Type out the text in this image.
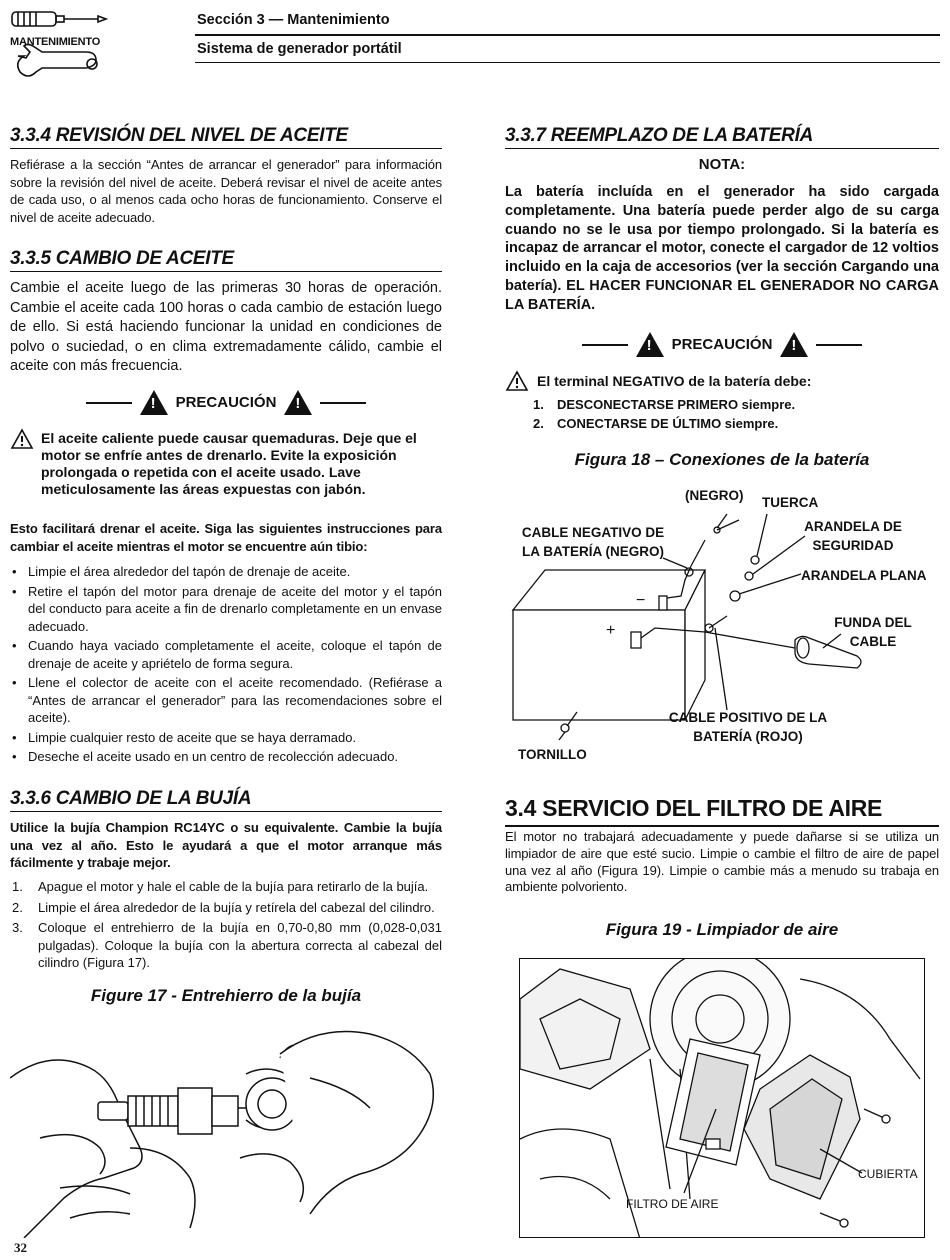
MANTENIMIENTO
Sección 3 — Mantenimiento
Sistema de generador portátil
3.3.4 REVISIÓN DEL NIVEL DE ACEITE
Refiérase a la sección “Antes de arrancar el generador” para información sobre la revisión del nivel de aceite. Deberá revisar el nivel de aceite antes de cada uso, o al menos cada ocho horas de funcionamiento. Conserve el nivel de aceite adecuado.
3.3.5 CAMBIO DE ACEITE
Cambie el aceite luego de las primeras 30 horas de operación. Cambie el aceite cada 100 horas o cada cambio de estación luego de ello. Si está haciendo funcionar la unidad en condiciones de polvo o suciedad, o en clima extremadamente cálido, cambie el aceite con más frecuencia.
!
PRECAUCIÓN
!
El aceite caliente puede causar quemaduras. Deje que el motor se enfríe antes de drenarlo. Evite la exposición prolongada o repetida con el aceite usado. Lave meticulosamente las áreas expuestas con jabón.
Esto facilitará drenar el aceite. Siga las siguientes instrucciones para cambiar el aceite mientras el motor se encuentre aún tibio:
• Limpie el área alrededor del tapón de drenaje de aceite.
• Retire el tapón del motor para drenaje de aceite del motor y el tapón del conducto para aceite a fin de drenarlo completamente en un envase adecuado.
• Cuando haya vaciado completamente el aceite, coloque el tapón de drenaje de aceite y apriételo de forma segura.
• Llene el colector de aceite con el aceite recomendado. (Refiérase a “Antes de arrancar el generador” para las recomendaciones sobre el aceite).
• Limpie cualquier resto de aceite que se haya derramado.
• Deseche el aceite usado en un centro de recolección adecuado.
3.3.6 CAMBIO DE LA BUJÍA
Utilice la bujía Champion RC14YC o su equivalente. Cambie la bujía una vez al año. Esto le ayudará a que el motor arranque más fácilmente y trabaje mejor.
1. Apague el motor y hale el cable de la bujía para retirarlo de la bujía.
2. Limpie el área alrededor de la bujía y retírela del cabezal del cilindro.
3. Coloque el entrehierro de la bujía en 0,70-0,80 mm (0,028-0,031 pulgadas). Coloque la bujía con la abertura correcta al cabezal del cilindro (Figura 17).
Figure 17 - Entrehierro de la bujía
3.3.7 REEMPLAZO DE LA BATERÍA
NOTA:
La batería incluída en el generador ha sido cargada completamente. Una batería puede perder algo de su carga cuando no se le usa por tiempo prolongado. Si la batería es incapaz de arrancar el motor, conecte el cargador de 12 voltios incluido en la caja de accesorios (ver la sección Cargando una batería). EL HACER FUNCIONAR EL GENERADOR NO CARGA LA BATERÍA.
!
PRECAUCIÓN
!
El terminal NEGATIVO de la batería debe:
1. DESCONECTARSE PRIMERO siempre.
2. CONECTARSE DE ÚLTIMO siempre.
Figura 18 – Conexiones de la batería
(NEGRO) TUERCA
CABLE NEGATIVO DE
LA BATERÍA (NEGRO)
ARANDELA DE
SEGURIDAD
ARANDELA PLANA
FUNDA DEL
CABLE
CABLE POSITIVO DE LA
BATERÍA (ROJO)
TORNILLO
−
+
3.4 SERVICIO DEL FILTRO DE AIRE
El motor no trabajará adecuadamente y puede dañarse si se utiliza un limpiador de aire que esté sucio. Limpie o cambie el filtro de aire de papel una vez al año (Figura 19). Limpie o cambie más a menudo su trabaja en ambiente polvoriento.
Figura 19 - Limpiador de aire
CUBIERTA
FILTRO DE AIRE
32
